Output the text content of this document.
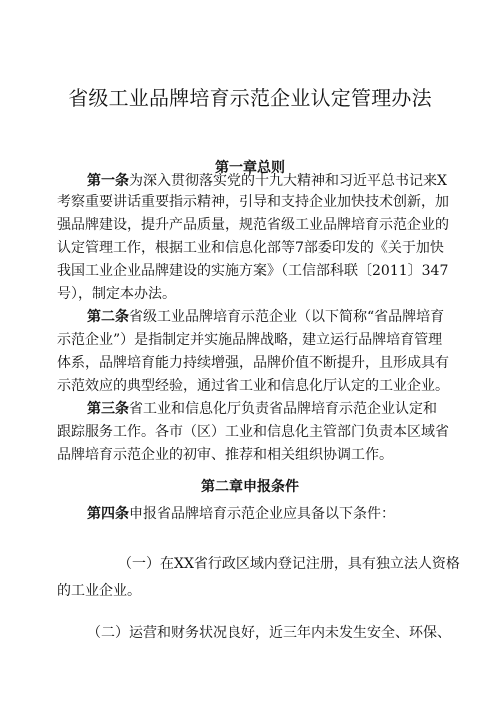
省级工业品牌培育示范企业认定管理办法
第一章总则
第一条为深入贯彻落实党的十九大精神和习近平总书记来X
考察重要讲话重要指示精神，引导和支持企业加快技术创新，加
强品牌建设，提升产品质量，规范省级工业品牌培育示范企业的
认定管理工作，根据工业和信息化部等7部委印发的《关于加快
我国工业企业品牌建设的实施方案》（工信部科联〔2011〕347
号），制定本办法。
第二条省级工业品牌培育示范企业（以下简称“省品牌培育
示范企业”）是指制定并实施品牌战略，建立运行品牌培育管理
体系，品牌培育能力持续增强，品牌价值不断提升，且形成具有
示范效应的典型经验，通过省工业和信息化厅认定的工业企业。
第三条省工业和信息化厅负责省品牌培育示范企业认定和
跟踪服务工作。各市（区）工业和信息化主管部门负责本区域省
品牌培育示范企业的初审、推荐和相关组织协调工作。
第二章申报条件
第四条申报省品牌培育示范企业应具备以下条件：
（一）在XX省行政区域内登记注册，具有独立法人资格
的工业企业。
（二）运营和财务状况良好，近三年内未发生安全、环保、
